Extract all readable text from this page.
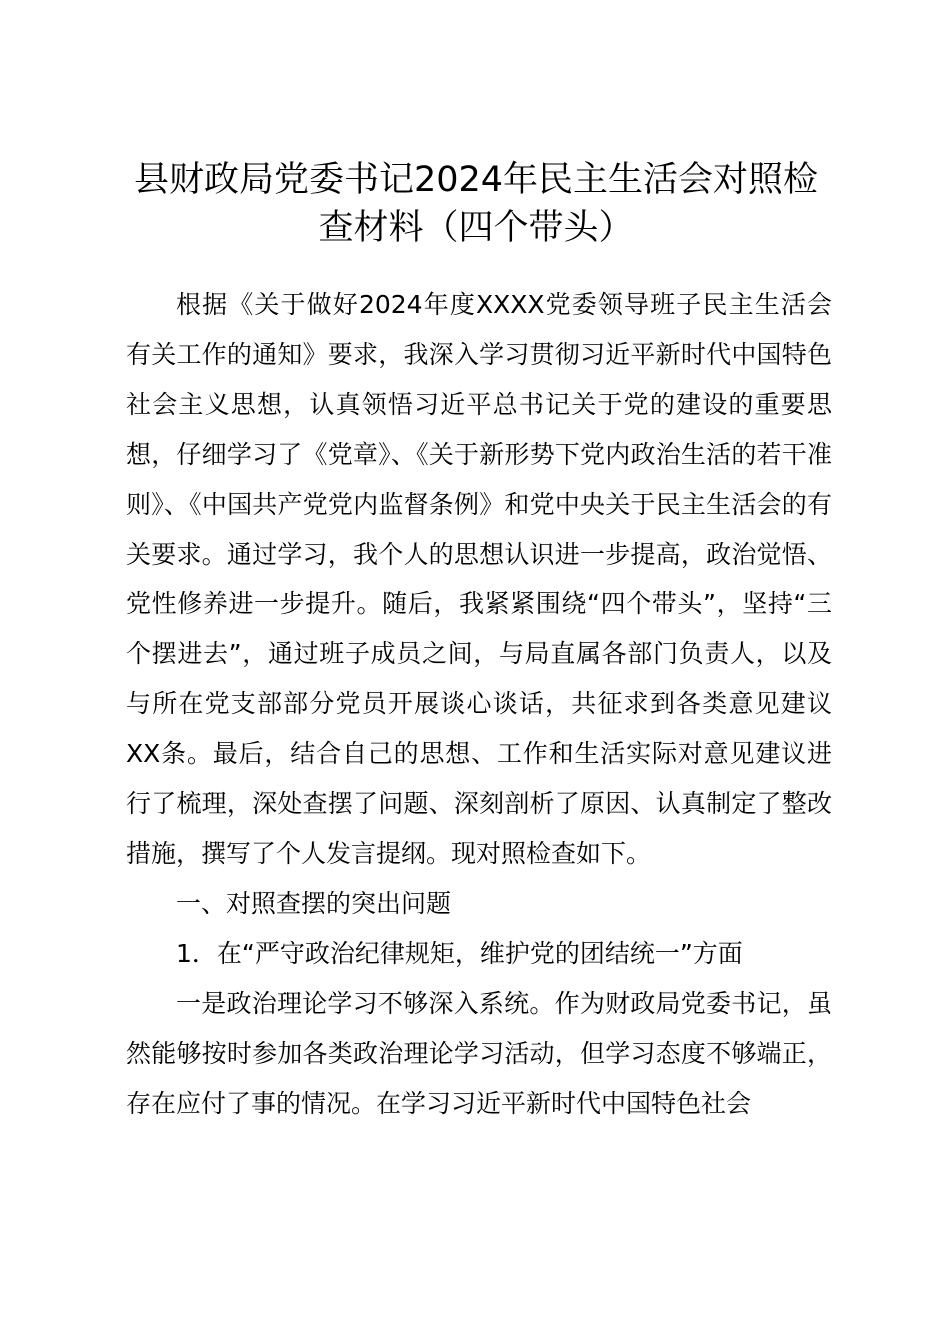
县财政局党委书记2024年民主生活会对照检
查材料（四个带头）

根据《关于做好2024年度XXXX党委领导班子民主生活会有关工作的通知》要求，我深入学习贯彻习近平新时代中国特色社会主义思想，认真领悟习近平总书记关于党的建设的重要思想，仔细学习了《党章》、《关于新形势下党内政治生活的若干准则》、《中国共产党党内监督条例》和党中央关于民主生活会的有关要求。通过学习，我个人的思想认识进一步提高，政治觉悟、党性修养进一步提升。随后，我紧紧围绕“四个带头”，坚持“三个摆进去”，通过班子成员之间，与局直属各部门负责人，以及与所在党支部部分党员开展谈心谈话，共征求到各类意见建议XX条。最后，结合自己的思想、工作和生活实际对意见建议进行了梳理，深处查摆了问题、深刻剖析了原因、认真制定了整改措施，撰写了个人发言提纲。现对照检查如下。

一、对照查摆的突出问题

1．在“严守政治纪律规矩，维护党的团结统一”方面

一是政治理论学习不够深入系统。作为财政局党委书记，虽然能够按时参加各类政治理论学习活动，但学习态度不够端正，存在应付了事的情况。在学习习近平新时代中国特色社会
